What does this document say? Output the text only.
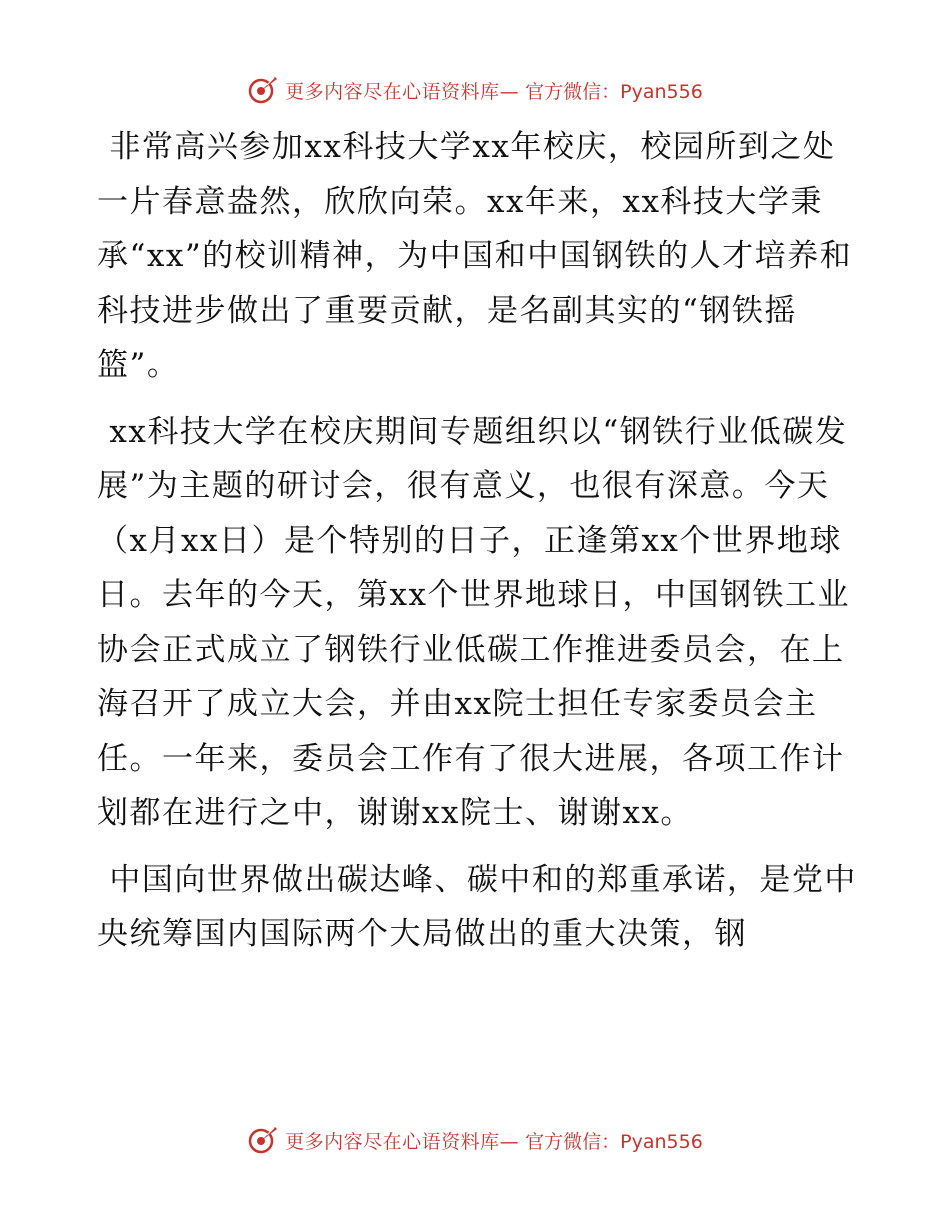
更多内容尽在心语资料库— 官方微信：Pyan556

非常高兴参加xx科技大学xx年校庆，校园所到之处一片春意盎然，欣欣向荣。xx年来，xx科技大学秉承“xx”的校训精神，为中国和中国钢铁的人才培养和科技进步做出了重要贡献，是名副其实的“钢铁摇篮”。

xx科技大学在校庆期间专题组织以“钢铁行业低碳发展”为主题的研讨会，很有意义，也很有深意。今天（x月xx日）是个特别的日子，正逢第xx个世界地球日。去年的今天，第xx个世界地球日，中国钢铁工业协会正式成立了钢铁行业低碳工作推进委员会，在上海召开了成立大会，并由xx院士担任专家委员会主任。一年来，委员会工作有了很大进展，各项工作计划都在进行之中，谢谢xx院士、谢谢xx。

中国向世界做出碳达峰、碳中和的郑重承诺，是党中央统筹国内国际两个大局做出的重大决策，钢

更多内容尽在心语资料库— 官方微信：Pyan556
